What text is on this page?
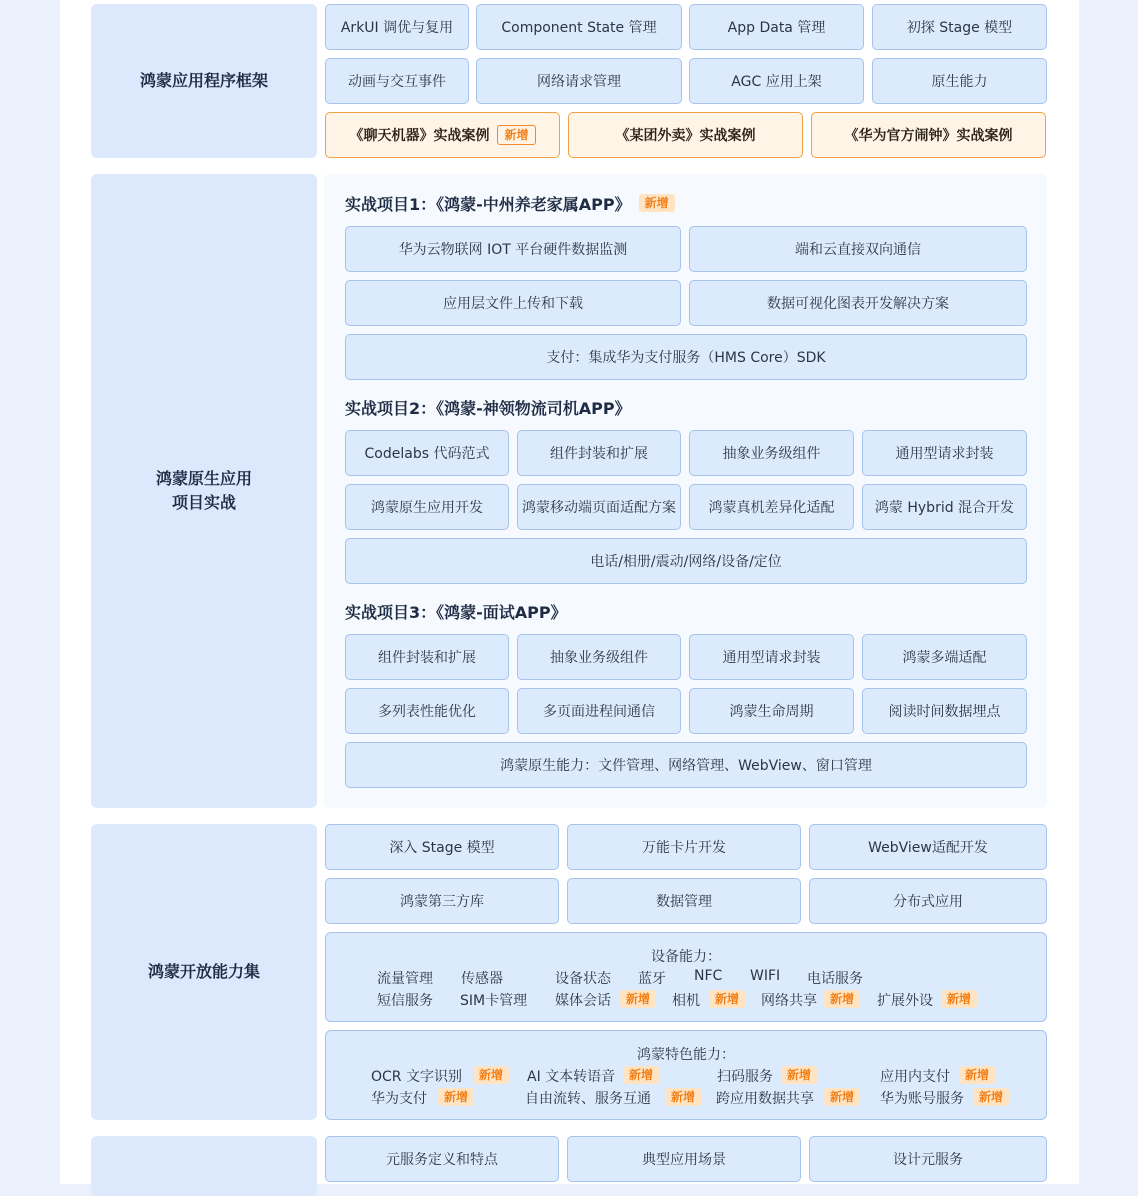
鸿蒙应用程序框架
ArkUI 调优与复用	Component State 管理	App Data 管理	初探 Stage 模型
动画与交互事件	网络请求管理	AGC 应用上架	原生能力
《聊天机器》实战案例	新增	《某团外卖》实战案例	《华为官方闹钟》实战案例
鸿蒙原生应用
项目实战
实战项目1：《鸿蒙-中州养老家属APP》	新增
华为云物联网 IOT 平台硬件数据监测	端和云直接双向通信
应用层文件上传和下载	数据可视化图表开发解决方案
支付：集成华为支付服务（HMS Core）SDK
实战项目2：《鸿蒙-神领物流司机APP》
Codelabs 代码范式	组件封装和扩展	抽象业务级组件	通用型请求封装
鸿蒙原生应用开发	鸿蒙移动端页面适配方案	鸿蒙真机差异化适配	鸿蒙 Hybrid 混合开发
电话/相册/震动/网络/设备/定位
实战项目3：《鸿蒙-面试APP》
组件封装和扩展	抽象业务级组件	通用型请求封装	鸿蒙多端适配
多列表性能优化	多页面进程间通信	鸿蒙生命周期	阅读时间数据埋点
鸿蒙原生能力：文件管理、网络管理、WebView、窗口管理
鸿蒙开放能力集
深入 Stage 模型	万能卡片开发	WebView适配开发
鸿蒙第三方库	数据管理	分布式应用
设备能力：
流量管理 传感器	设备状态 蓝牙 NFC WIFI 电话服务
短信服务 SIM卡管理 媒体会话	新增	相机	新增	网络共享	新增	扩展外设	新增
鸿蒙特色能力：
OCR 文字识别	新增	AI 文本转语音	新增	扫码服务	新增	应用内支付	新增
华为支付	新增	自由流转、服务互通	新增	跨应用数据共享	新增	华为账号服务	新增
元服务定义和特点	典型应用场景	设计元服务
